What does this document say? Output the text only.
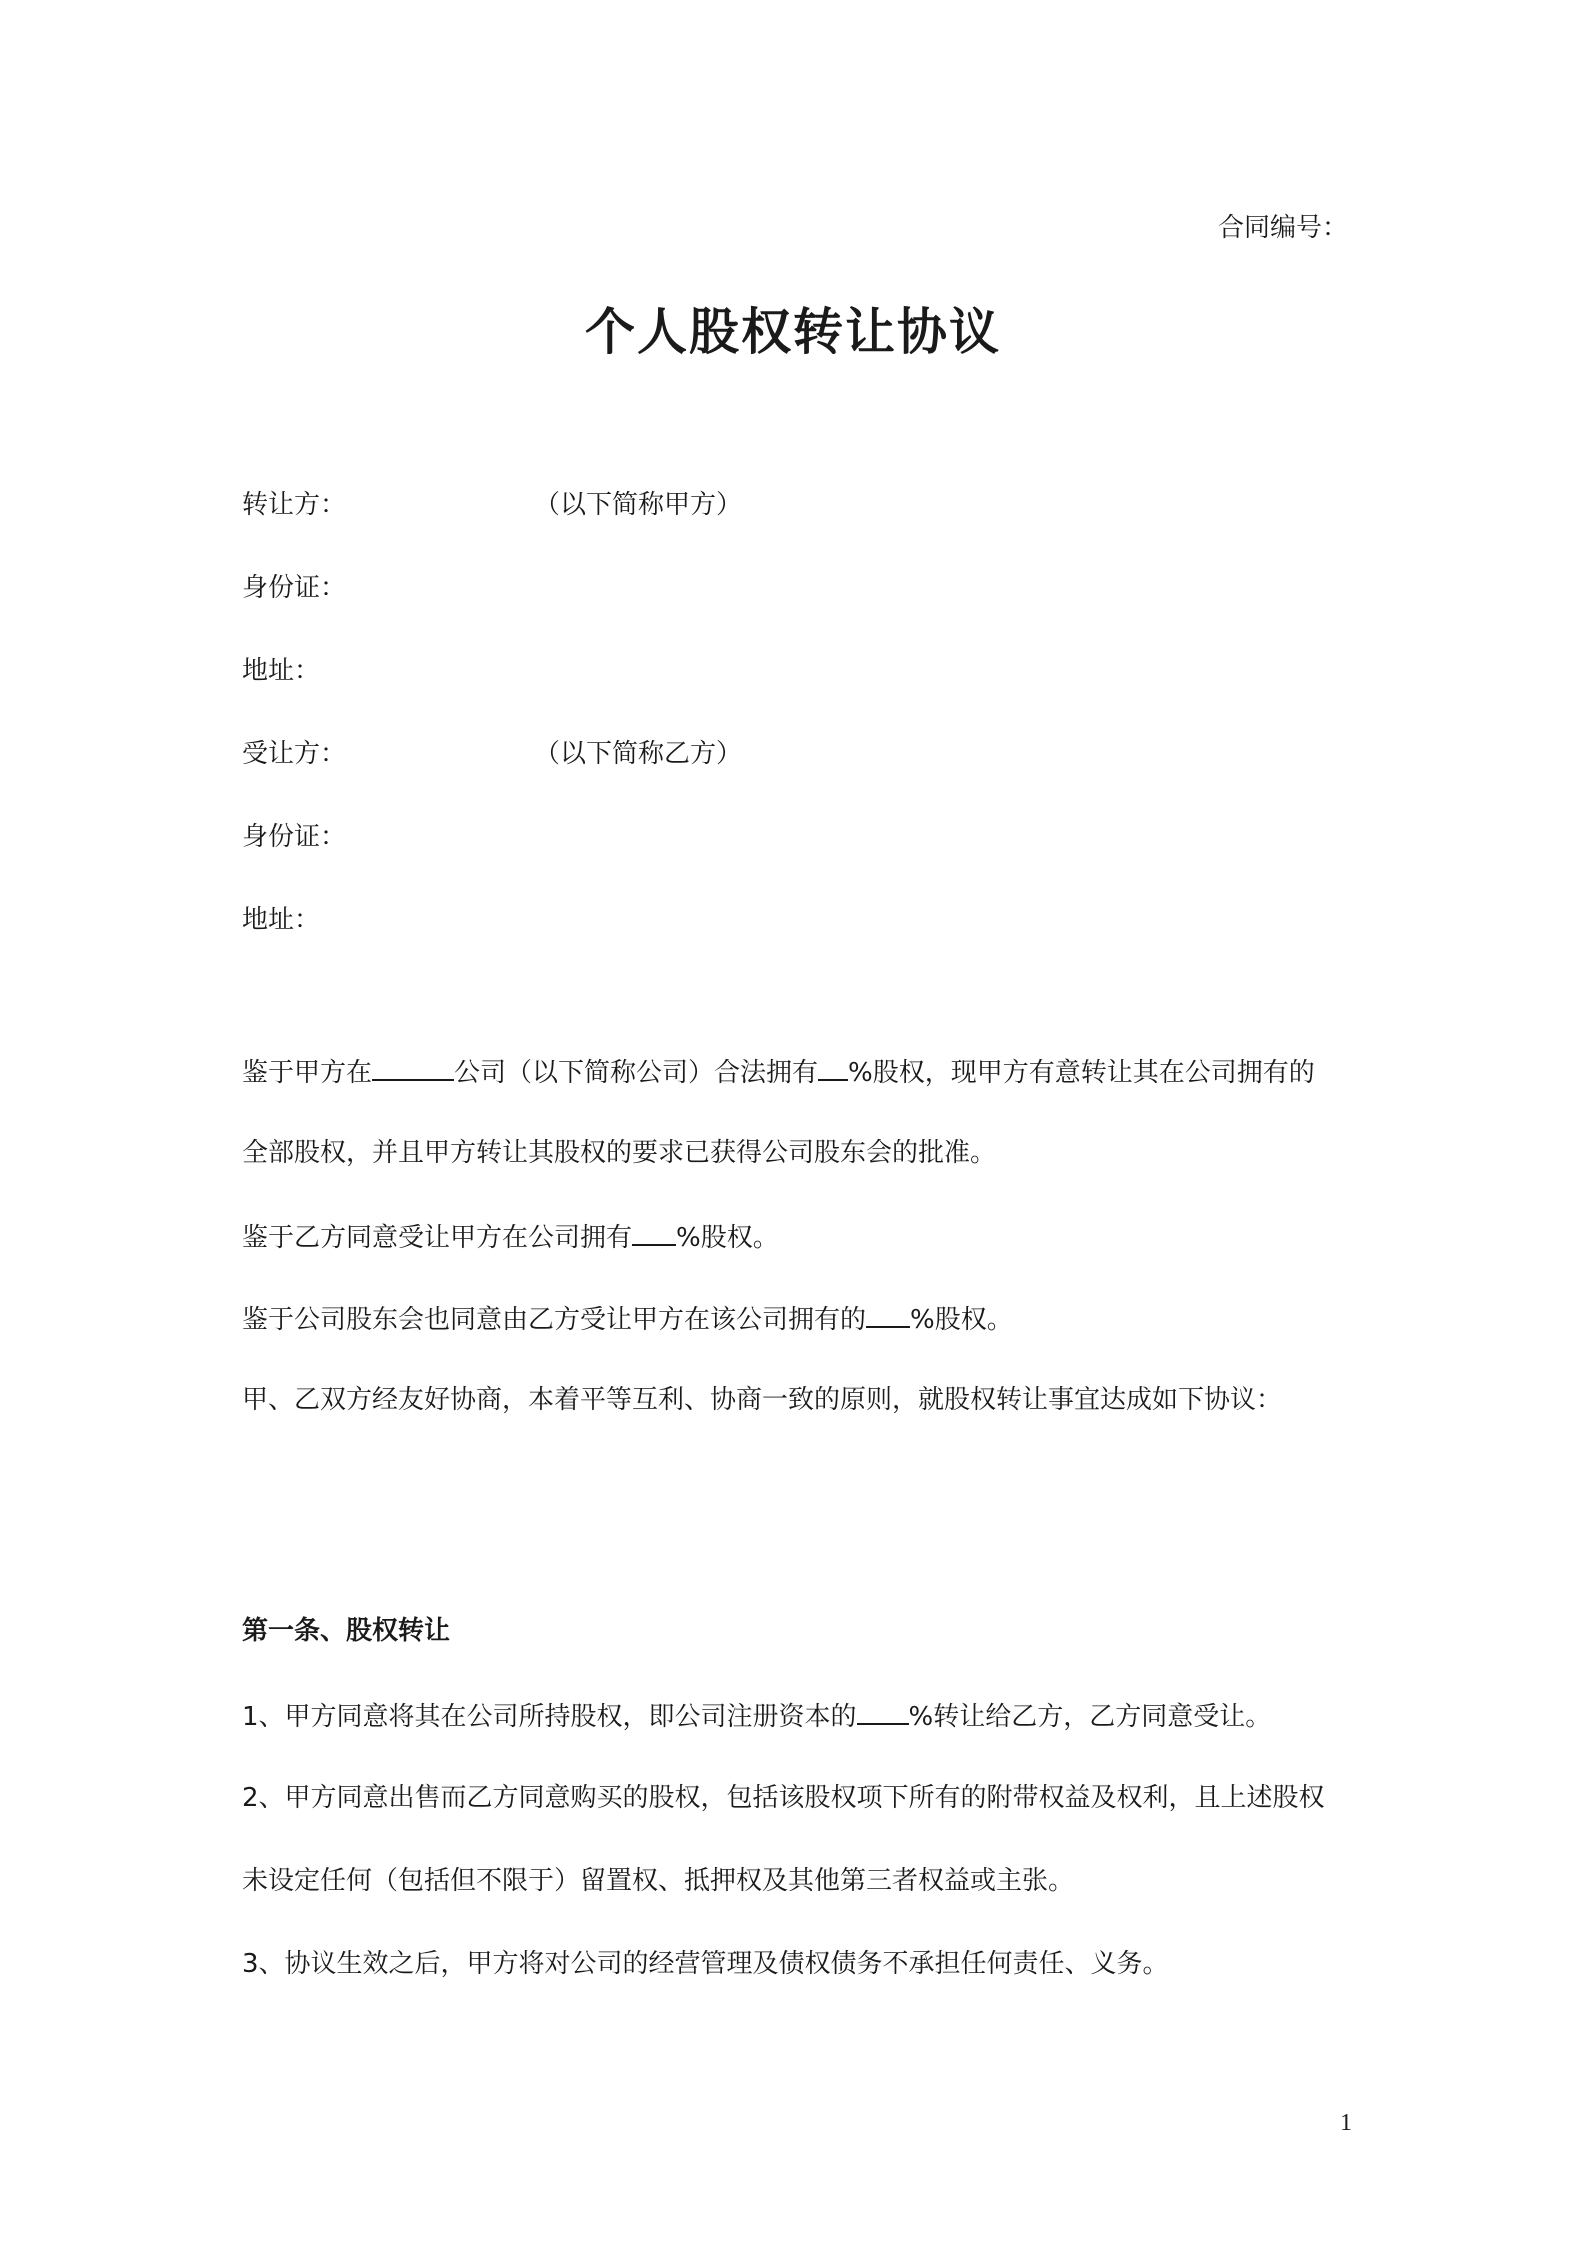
合同编号：
个人股权转让协议
转让方：	（以下简称甲方）
身份证：
地址：
受让方：	（以下简称乙方）
身份证：
地址：
鉴于甲方在	公司（以下简称公司）合法拥有 %股权，现甲方有意转让其在公司拥有的
全部股权，并且甲方转让其股权的要求已获得公司股东会的批准。
鉴于乙方同意受让甲方在公司拥有 %股权。
鉴于公司股东会也同意由乙方受让甲方在该公司拥有的 %股权。
甲、乙双方经友好协商，本着平等互利、协商一致的原则，就股权转让事宜达成如下协议：
第一条、股权转让
1、甲方同意将其在公司所持股权，即公司注册资本的 %转让给乙方，乙方同意受让。
2、甲方同意出售而乙方同意购买的股权，包括该股权项下所有的附带权益及权利，且上述股权
未设定任何（包括但不限于）留置权、抵押权及其他第三者权益或主张。
3、协议生效之后，甲方将对公司的经营管理及债权债务不承担任何责任、义务。
1
